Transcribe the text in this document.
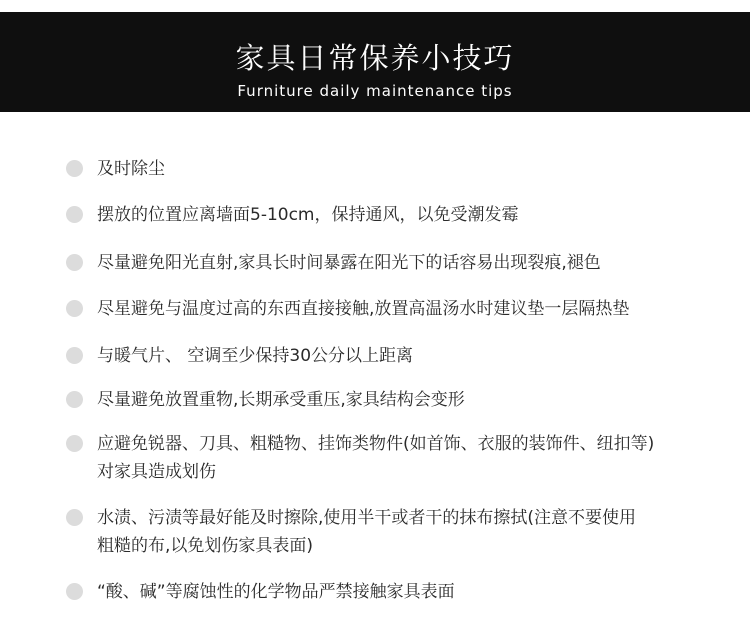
家具日常保养小技巧
Furniture daily maintenance tips
及时除尘
摆放的位置应离墙面5-10cm，保持通风，以免受潮发霉
尽量避免阳光直射,家具长时间暴露在阳光下的话容易出现裂痕,褪色
尽星避免与温度过高的东西直接接触,放置高温汤水时建议垫一层隔热垫
与暖气片、 空调至少保持30公分以上距离
尽量避免放置重物,长期承受重压,家具结构会变形
应避免锐器、刀具、粗糙物、挂饰类物件(如首饰、衣服的装饰件、纽扣等)
对家具造成划伤
水渍、污渍等最好能及时擦除,使用半干或者干的抹布擦拭(注意不要使用
粗糙的布,以免划伤家具表面)
“酸、碱”等腐蚀性的化学物品严禁接触家具表面
